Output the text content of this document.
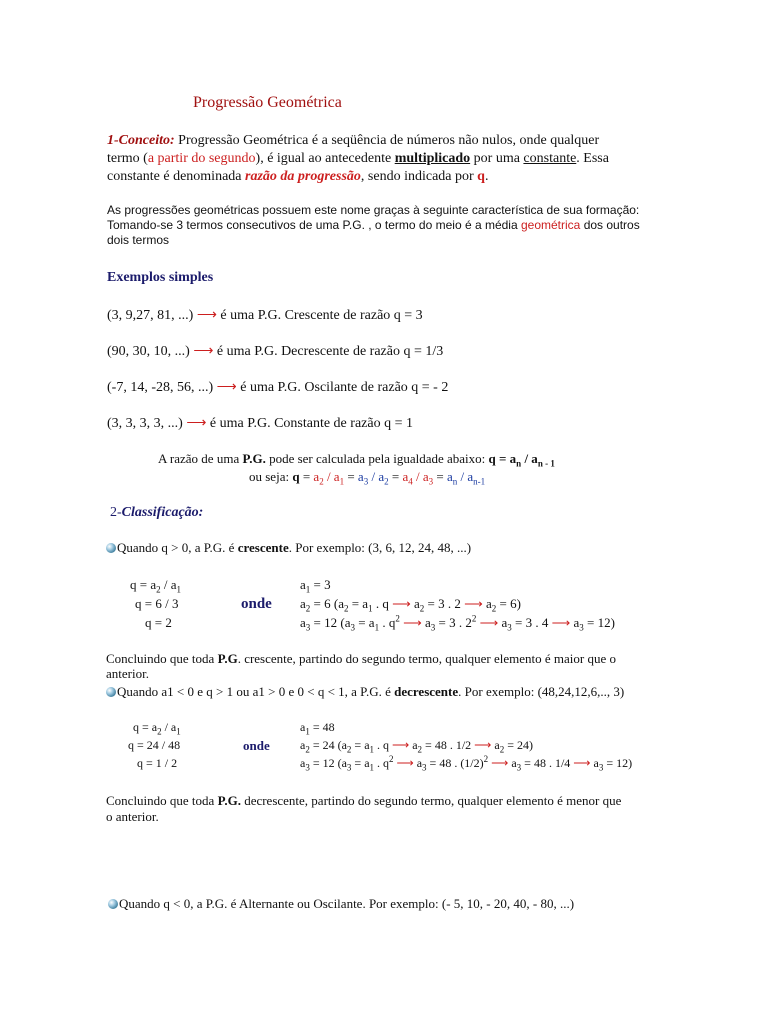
Progressão Geométrica
1-Conceito: Progressão Geométrica é a seqüência de números não nulos, onde qualquer
termo (a partir do segundo), é igual ao antecedente multiplicado por uma constante. Essa
constante é denominada razão da progressão, sendo indicada por q.
As progressões geométricas possuem este nome graças à seguinte característica de sua formação:
Tomando-se 3 termos consecutivos de uma P.G. , o termo do meio é a média geométrica dos outros
dois termos
Exemplos simples
(3, 9,27, 81, ...) ⟶ é uma P.G. Crescente de razão q = 3
(90, 30, 10, ...) ⟶ é uma P.G. Decrescente de razão q = 1/3
(-7, 14, -28, 56, ...) ⟶ é uma P.G. Oscilante de razão q = - 2
(3, 3, 3, 3, ...) ⟶ é uma P.G. Constante de razão q = 1
A razão de uma P.G. pode ser calculada pela igualdade abaixo: $q = a_n / a_{n - 1}$
ou seja: $q = a_2 / a_1 = a_3 / a_2 = a_4 / a_3 = a_n / a_{n-1}$
2-Classificação:
Quando q > 0, a P.G. é crescente. Por exemplo: (3, 6, 12, 24, 48, ...)
$q = a_2 / a_1$
q = 6 / 3
q = 2
onde
$a_1 = 3$
$a_2 = 6$ ($a_2 = a_1$ . q ⟶ $a_2 = 3$ . 2 ⟶ $a_2 = 6$)
$a_3 = 12$ ($a_3 = a_1$ . $q^2$ ⟶ $a_3 = 3$ . $2^2$ ⟶ $a_3 = 3$ . 4 ⟶ $a_3 = 12$)
Concluindo que toda P.G. crescente, partindo do segundo termo, qualquer elemento é maior que o
anterior.
Quando a1 < 0 e q > 1 ou a1 > 0 e 0 < q < 1, a P.G. é decrescente. Por exemplo: (48,24,12,6,.., 3)
$q = a_2 / a_1$
q = 24 / 48
q = 1 / 2
onde
$a_1 = 48$
$a_2 = 24$ ($a_2 = a_1$ . q ⟶ $a_2 = 48$ . 1/2 ⟶ $a_2 = 24$)
$a_3 = 12$ ($a_3 = a_1$ . $q^2$ ⟶ $a_3 = 48$ . $(1/2)^2$ ⟶ $a_3 = 48$ . 1/4 ⟶ $a_3 = 12$)
Concluindo que toda P.G. decrescente, partindo do segundo termo, qualquer elemento é menor que
o anterior.
Quando q < 0, a P.G. é Alternante ou Oscilante. Por exemplo: (- 5, 10, - 20, 40, - 80, ...)
